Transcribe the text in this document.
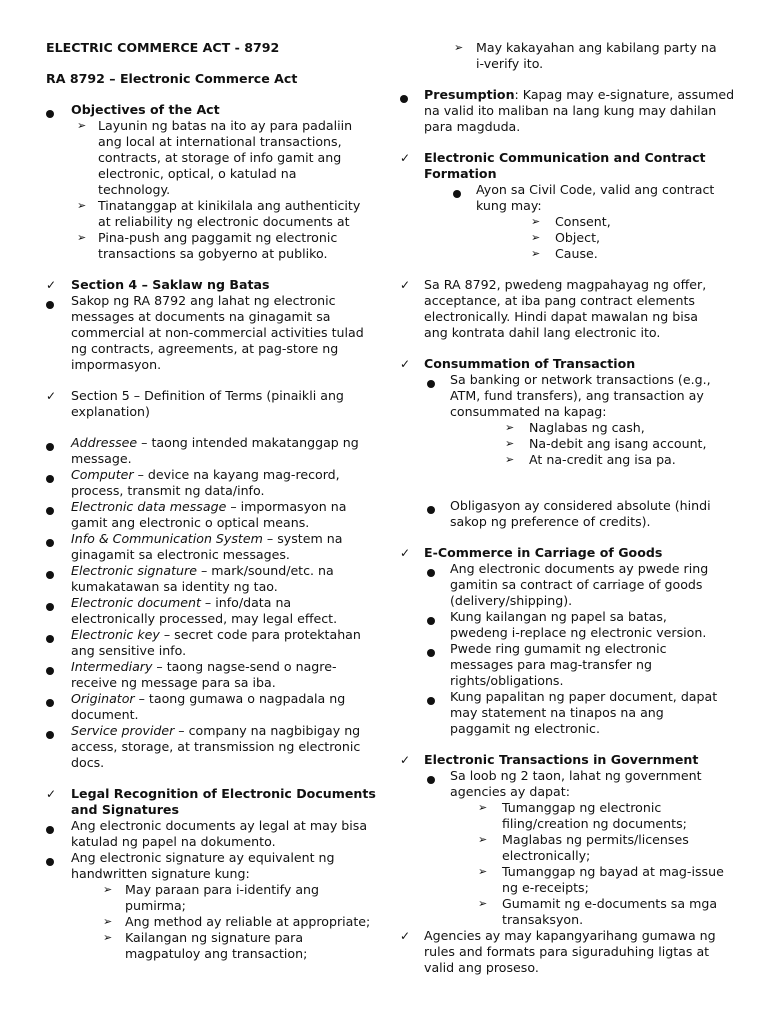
ELECTRIC COMMERCE ACT - 8792
RA 8792 – Electronic Commerce Act
Objectives of the Act
➢ Layunin ng batas na ito ay para padaliin
ang local at international transactions,
contracts, at storage of info gamit ang
electronic, optical, o katulad na
technology.
➢ Tinatanggap at kinikilala ang authenticity
at reliability ng electronic documents at
➢ Pina-push ang paggamit ng electronic
transactions sa gobyerno at publiko.
✓	Section 4 – Saklaw ng Batas
Sakop ng RA 8792 ang lahat ng electronic
messages at documents na ginagamit sa
commercial at non-commercial activities tulad
ng contracts, agreements, at pag-store ng
impormasyon.
✓	Section 5 – Definition of Terms (pinaikli ang
explanation)
Addressee – taong intended makatanggap ng
message.
Computer – device na kayang mag-record,
process, transmit ng data/info.
Electronic data message – impormasyon na
gamit ang electronic o optical means.
Info & Communication System – system na
ginagamit sa electronic messages.
Electronic signature – mark/sound/etc. na
kumakatawan sa identity ng tao.
Electronic document – info/data na
electronically processed, may legal effect.
Electronic key – secret code para protektahan
ang sensitive info.
Intermediary – taong nagse-send o nagre-
receive ng message para sa iba.
Originator – taong gumawa o nagpadala ng
document.
Service provider – company na nagbibigay ng
access, storage, at transmission ng electronic
docs.
✓	Legal Recognition of Electronic Documents
and Signatures
Ang electronic documents ay legal at may bisa
katulad ng papel na dokumento.
Ang electronic signature ay equivalent ng
handwritten signature kung:
➢	May paraan para i-identify ang
pumirma;
➢	Ang method ay reliable at appropriate;
➢	Kailangan ng signature para
magpatuloy ang transaction;
➢	May kakayahan ang kabilang party na
i-verify ito.
Presumption: Kapag may e-signature, assumed
na valid ito maliban na lang kung may dahilan
para magduda.
✓	Electronic Communication and Contract
Formation
Ayon sa Civil Code, valid ang contract
kung may:
➢	Consent,
➢	Object,
➢	Cause.
✓	Sa RA 8792, pwedeng magpahayag ng offer,
acceptance, at iba pang contract elements
electronically. Hindi dapat mawalan ng bisa
ang kontrata dahil lang electronic ito.
✓	Consummation of Transaction
Sa banking or network transactions (e.g.,
ATM, fund transfers), ang transaction ay
consummated na kapag:
➢	Naglabas ng cash,
➢	Na-debit ang isang account,
➢	At na-credit ang isa pa.
Obligasyon ay considered absolute (hindi
sakop ng preference of credits).
✓	E-Commerce in Carriage of Goods
Ang electronic documents ay pwede ring
gamitin sa contract of carriage of goods
(delivery/shipping).
Kung kailangan ng papel sa batas,
pwedeng i-replace ng electronic version.
Pwede ring gumamit ng electronic
messages para mag-transfer ng
rights/obligations.
Kung papalitan ng paper document, dapat
may statement na tinapos na ang
paggamit ng electronic.
✓	Electronic Transactions in Government
Sa loob ng 2 taon, lahat ng government
agencies ay dapat:
➢	Tumanggap ng electronic
filing/creation ng documents;
➢	Maglabas ng permits/licenses
electronically;
➢	Tumanggap ng bayad at mag-issue
ng e-receipts;
➢	Gumamit ng e-documents sa mga
transaksyon.
✓	Agencies ay may kapangyarihang gumawa ng
rules and formats para siguraduhing ligtas at
valid ang proseso.
